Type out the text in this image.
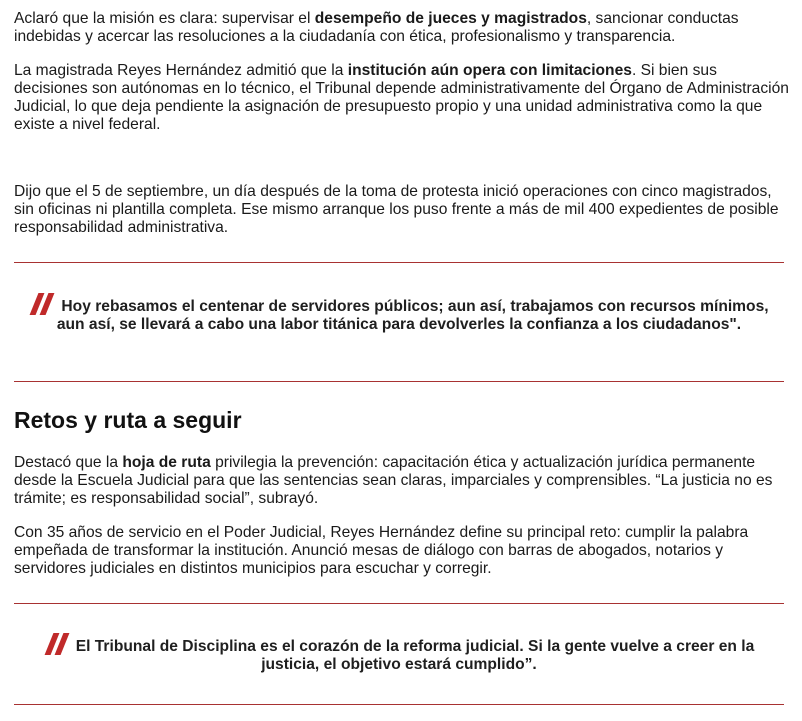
Aclaró que la misión es clara: supervisar el desempeño de jueces y magistrados, sancionar conductas indebidas y acercar las resoluciones a la ciudadanía con ética, profesionalismo y transparencia.

La magistrada Reyes Hernández admitió que la institución aún opera con limitaciones. Si bien sus decisiones son autónomas en lo técnico, el Tribunal depende administrativamente del Órgano de Administración Judicial, lo que deja pendiente la asignación de presupuesto propio y una unidad administrativa como la que existe a nivel federal.

Dijo que el 5 de septiembre, un día después de la toma de protesta inició operaciones con cinco magistrados, sin oficinas ni plantilla completa. Ese mismo arranque los puso frente a más de mil 400 expedientes de posible responsabilidad administrativa.

Hoy rebasamos el centenar de servidores públicos; aun así, trabajamos con recursos mínimos, aun así, se llevará a cabo una labor titánica para devolverles la confianza a los ciudadanos".
Retos y ruta a seguir

Destacó que la hoja de ruta privilegia la prevención: capacitación ética y actualización jurídica permanente desde la Escuela Judicial para que las sentencias sean claras, imparciales y comprensibles. “La justicia no es trámite; es responsabilidad social”, subrayó.

Con 35 años de servicio en el Poder Judicial, Reyes Hernández define su principal reto: cumplir la palabra empeñada de transformar la institución. Anunció mesas de diálogo con barras de abogados, notarios y servidores judiciales en distintos municipios para escuchar y corregir.

El Tribunal de Disciplina es el corazón de la reforma judicial. Si la gente vuelve a creer en la justicia, el objetivo estará cumplido”.
